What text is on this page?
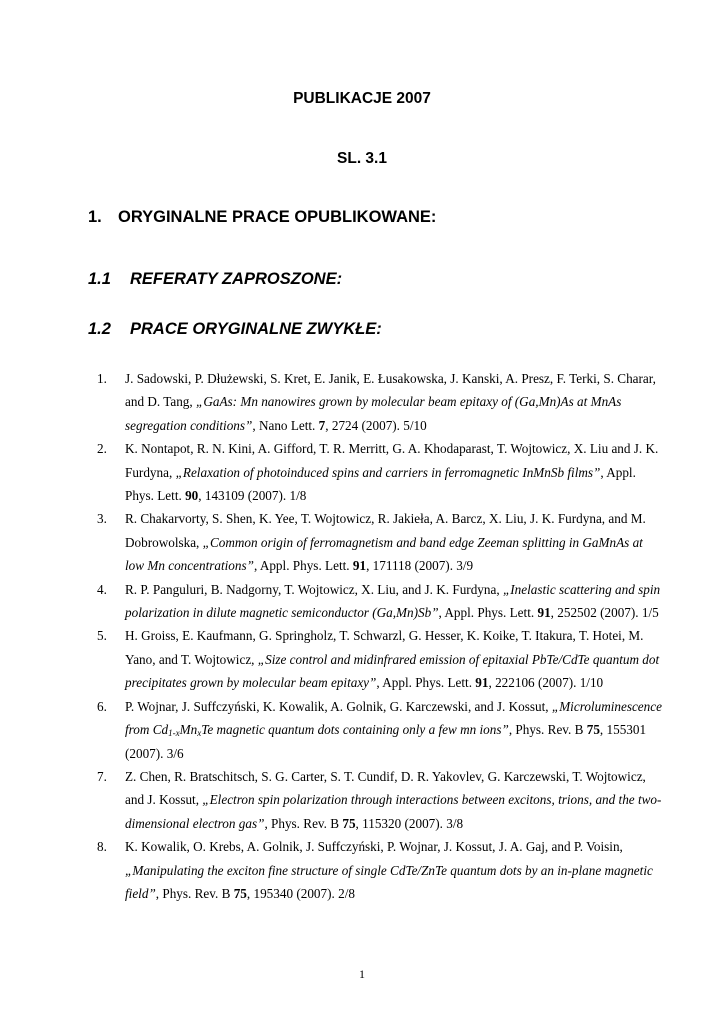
PUBLIKACJE 2007
SL. 3.1
1. ORYGINALNE PRACE OPUBLIKOWANE:
1.1 REFERATY ZAPROSZONE:
1.2 PRACE ORYGINALNE ZWYKŁE:
1. J. Sadowski, P. Dłużewski, S. Kret, E. Janik, E. Łusakowska, J. Kanski, A. Presz, F. Terki, S. Charar, and D. Tang, „GaAs: Mn nanowires grown by molecular beam epitaxy of (Ga,Mn)As at MnAs segregation conditions”, Nano Lett. 7, 2724 (2007). 5/10
2. K. Nontapot, R. N. Kini, A. Gifford, T. R. Merritt, G. A. Khodaparast, T. Wojtowicz, X. Liu and J. K. Furdyna, „Relaxation of photoinduced spins and carriers in ferromagnetic InMnSb films”, Appl. Phys. Lett. 90, 143109 (2007). 1/8
3. R. Chakarvorty, S. Shen, K. Yee, T. Wojtowicz, R. Jakieła, A. Barcz, X. Liu, J. K. Furdyna, and M. Dobrowolska, „Common origin of ferromagnetism and band edge Zeeman splitting in GaMnAs at low Mn concentrations”, Appl. Phys. Lett. 91, 171118 (2007). 3/9
4. R. P. Panguluri, B. Nadgorny, T. Wojtowicz, X. Liu, and J. K. Furdyna, „Inelastic scattering and spin polarization in dilute magnetic semiconductor (Ga,Mn)Sb”, Appl. Phys. Lett. 91, 252502 (2007). 1/5
5. H. Groiss, E. Kaufmann, G. Springholz, T. Schwarzl, G. Hesser, K. Koike, T. Itakura, T. Hotei, M. Yano, and T. Wojtowicz, „Size control and midinfrared emission of epitaxial PbTe/CdTe quantum dot precipitates grown by molecular beam epitaxy”, Appl. Phys. Lett. 91, 222106 (2007). 1/10
6. P. Wojnar, J. Suffczyński, K. Kowalik, A. Golnik, G. Karczewski, and J. Kossut, „Microluminescence from $Cd_{1-x}Mn_xTe$ magnetic quantum dots containing only a few mn ions”, Phys. Rev. B 75, 155301 (2007). 3/6
7. Z. Chen, R. Bratschitsch, S. G. Carter, S. T. Cundif, D. R. Yakovlev, G. Karczewski, T. Wojtowicz, and J. Kossut, „Electron spin polarization through interactions between excitons, trions, and the two-dimensional electron gas”, Phys. Rev. B 75, 115320 (2007). 3/8
8. K. Kowalik, O. Krebs, A. Golnik, J. Suffczyński, P. Wojnar, J. Kossut, J. A. Gaj, and P. Voisin, „Manipulating the exciton fine structure of single CdTe/ZnTe quantum dots by an in-plane magnetic field”, Phys. Rev. B 75, 195340 (2007). 2/8
1
